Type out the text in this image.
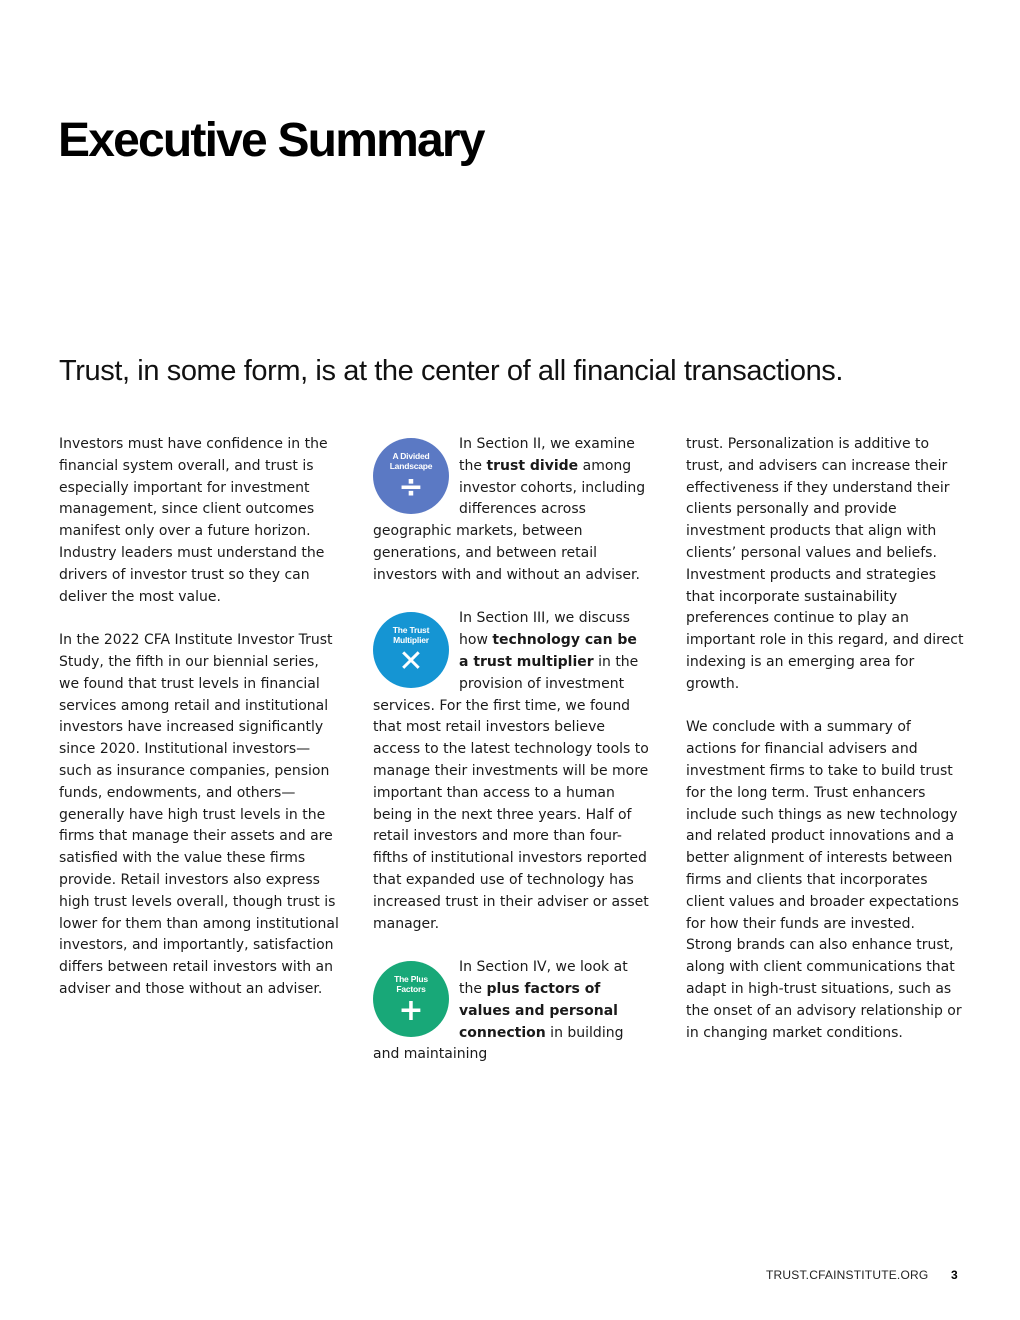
Executive Summary
Trust, in some form, is at the center of all financial transactions.

Investors must have confidence in the financial system overall, and trust is especially important for investment management, since client outcomes manifest only over a future horizon. Industry leaders must understand the drivers of investor trust so they can deliver the most value.

In the 2022 CFA Institute Investor Trust Study, the fifth in our biennial series, we found that trust levels in financial services among retail and institutional investors have increased significantly since 2020. Institutional investors—such as insurance companies, pension funds, endowments, and others—generally have high trust levels in the firms that manage their assets and are satisfied with the value these firms provide. Retail investors also express high trust levels overall, though trust is lower for them than among institutional investors, and importantly, satisfaction differs between retail investors with an adviser and those without an adviser.

A Divided Landscape
÷

In Section II, we examine the trust divide among investor cohorts, including differences across geographic markets, between generations, and between retail investors with and without an adviser.

The Trust Multiplier
✕

In Section III, we discuss how technology can be a trust multiplier in the provision of investment services. For the first time, we found that most retail investors believe access to the latest technology tools to manage their investments will be more important than access to a human being in the next three years. Half of retail investors and more than four-fifths of institutional investors reported that expanded use of technology has increased trust in their adviser or asset manager.

The Plus Factors
+

In Section IV, we look at the plus factors of values and personal connection in building and maintaining

trust. Personalization is additive to trust, and advisers can increase their effectiveness if they understand their clients personally and provide investment products that align with clients’ personal values and beliefs. Investment products and strategies that incorporate sustainability preferences continue to play an important role in this regard, and direct indexing is an emerging area for growth.

We conclude with a summary of actions for financial advisers and investment firms to take to build trust for the long term. Trust enhancers include such things as new technology and related product innovations and a better alignment of interests between firms and clients that incorporates client values and broader expectations for how their funds are invested. Strong brands can also enhance trust, along with client communications that adapt in high-trust situations, such as the onset of an advisory relationship or in changing market conditions.

TRUST.CFAINSTITUTE.ORG 3
